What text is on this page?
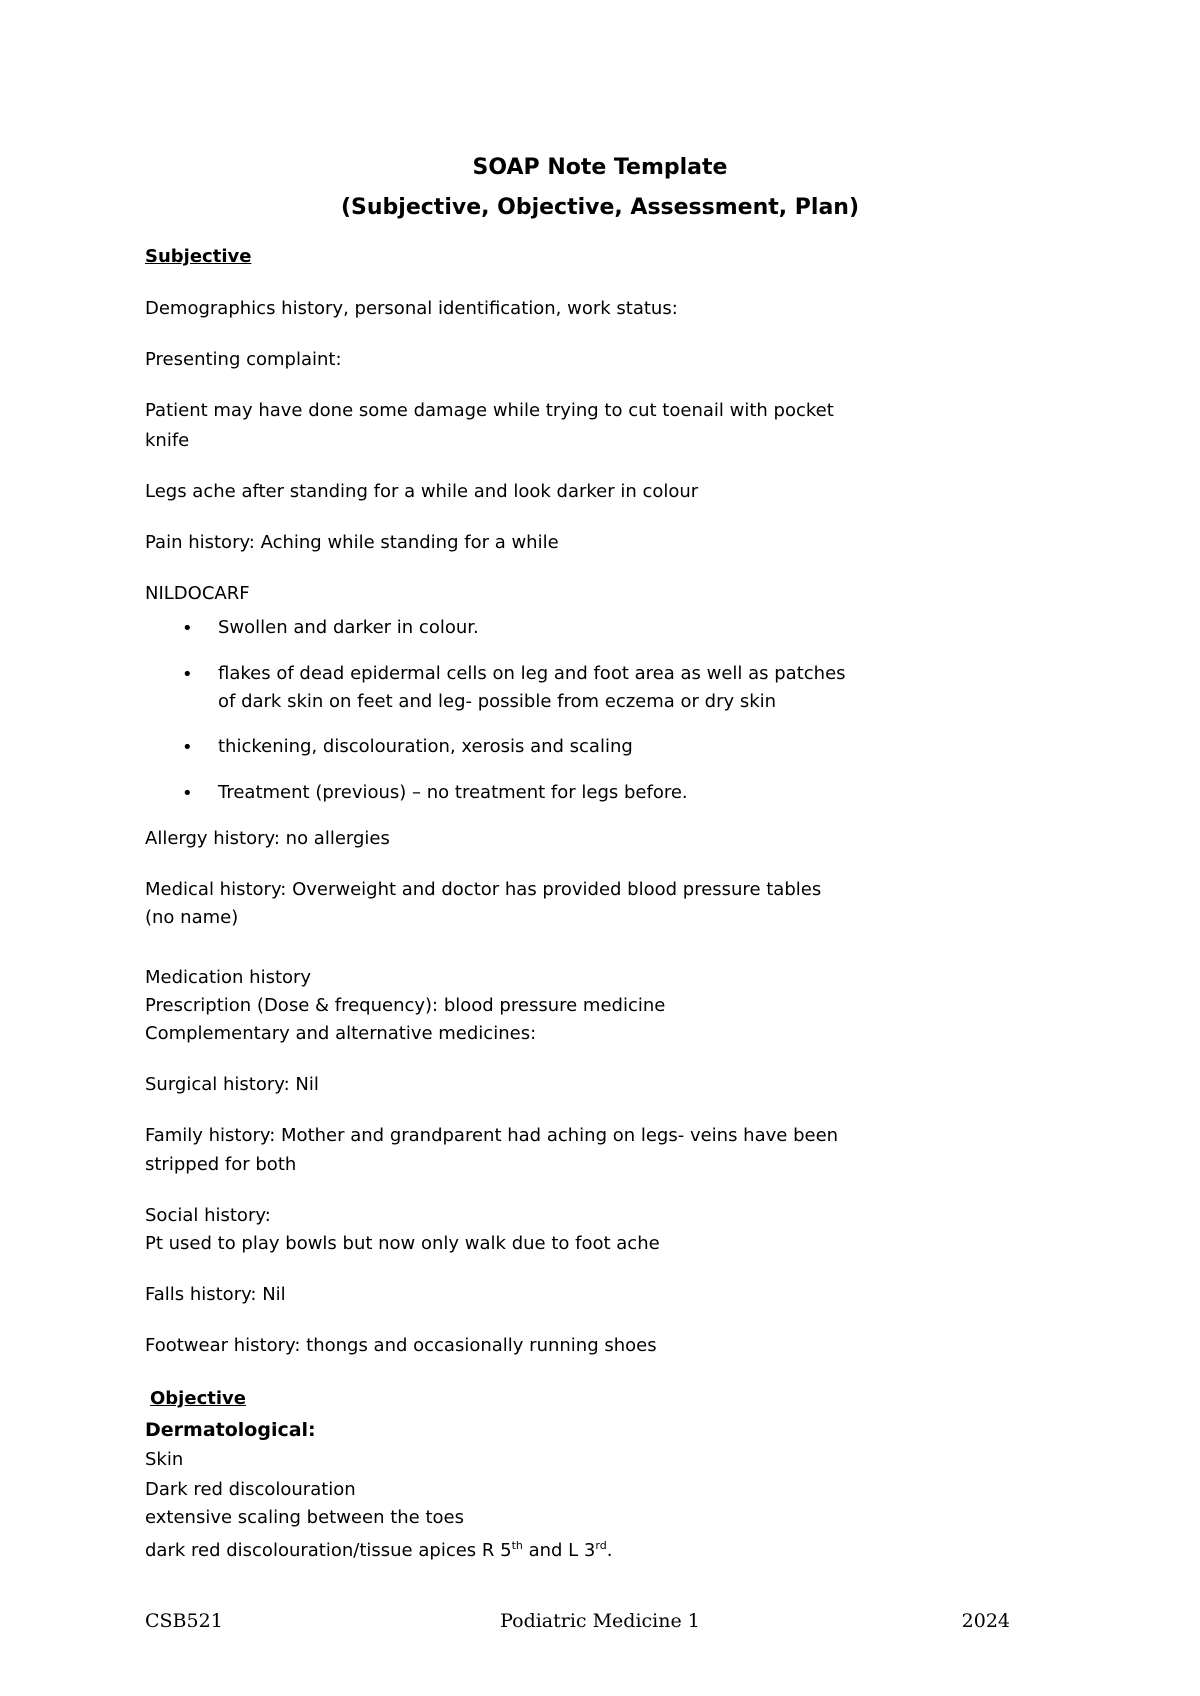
SOAP Note Template
(Subjective, Objective, Assessment, Plan)
Subjective
Demographics history, personal identification, work status:
Presenting complaint:
Patient may have done some damage while trying to cut toenail with pocket
knife
Legs ache after standing for a while and look darker in colour
Pain history: Aching while standing for a while
NILDOCARF
• Swollen and darker in colour.
• flakes of dead epidermal cells on leg and foot area as well as patches
of dark skin on feet and leg- possible from eczema or dry skin
• thickening, discolouration, xerosis and scaling
• Treatment (previous) – no treatment for legs before.
Allergy history: no allergies
Medical history: Overweight and doctor has provided blood pressure tables
(no name)
Medication history
Prescription (Dose & frequency): blood pressure medicine
Complementary and alternative medicines:
Surgical history: Nil
Family history: Mother and grandparent had aching on legs- veins have been
stripped for both
Social history:
Pt used to play bowls but now only walk due to foot ache
Falls history: Nil
Footwear history: thongs and occasionally running shoes
Objective
Dermatological:
Skin
Dark red discolouration
extensive scaling between the toes
dark red discolouration/tissue apices R 5th and L 3rd.
CSB521	Podiatric Medicine 1	2024
